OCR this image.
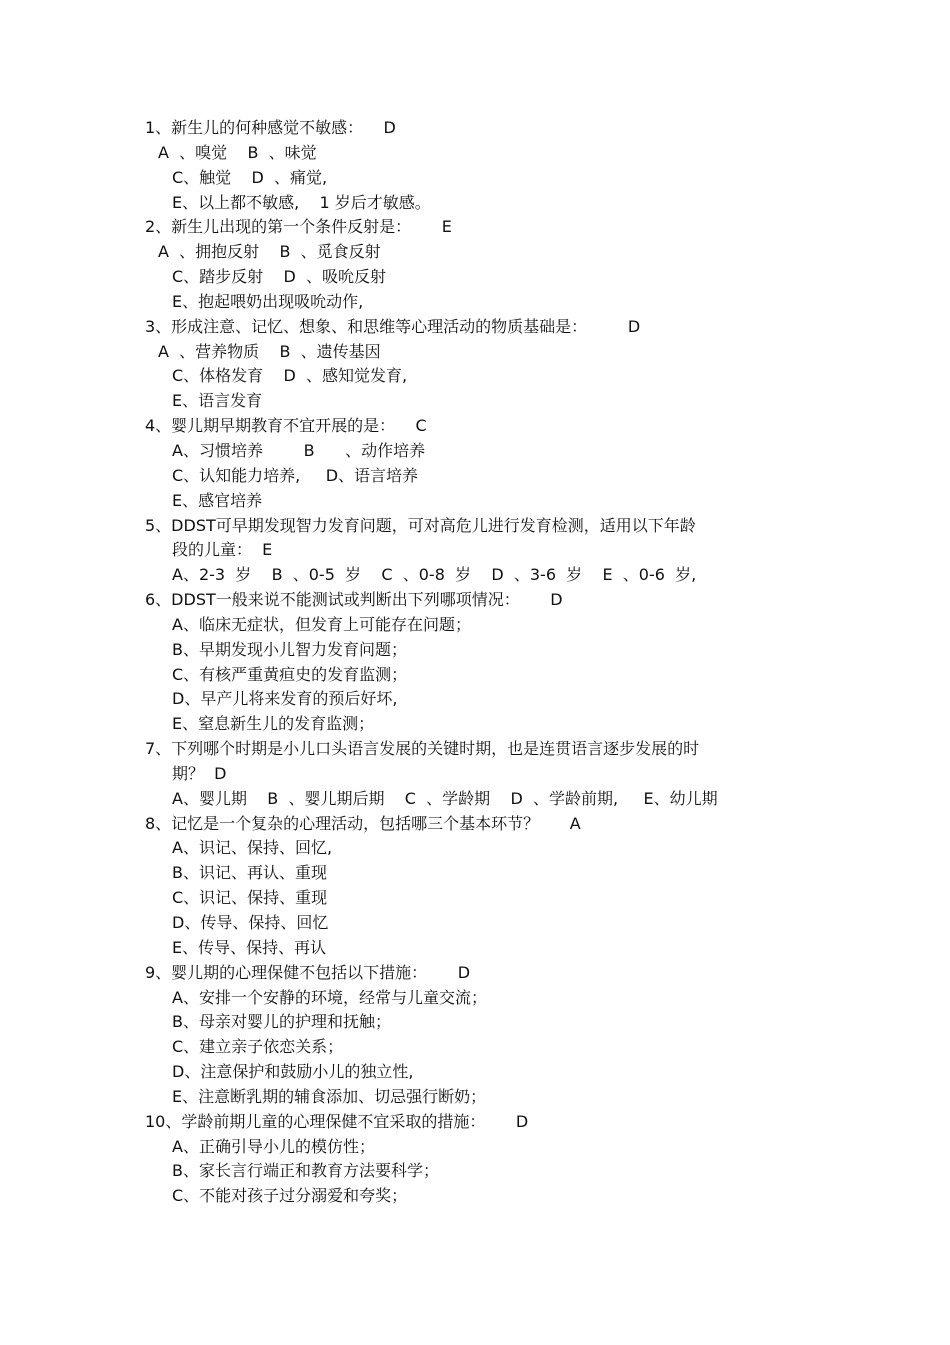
1、新生儿的何种感觉不敏感：    D
A  、嗅觉    B  、味觉
C、触觉    D  、痛觉,
E、以上都不敏感,    1 岁后才敏感。
2、新生儿出现的第一个条件反射是：      E
A  、拥抱反射    B  、觅食反射
C、踏步反射    D  、吸吮反射
E、抱起喂奶出现吸吮动作,
3、形成注意、记忆、想象、和思维等心理活动的物质基础是：        D
A  、营养物质    B  、遗传基因
C、体格发育    D  、感知觉发育,
E、语言发育
4、婴儿期早期教育不宜开展的是：    C
A、习惯培养        B      、动作培养
C、认知能力培养,     D、语言培养
E、感官培养
5、DDST可早期发现智力发育问题，可对高危儿进行发育检测，适用以下年龄
段的儿童：  E
A、2-3  岁    B  、0-5  岁    C  、0-8  岁    D  、3-6  岁    E  、0-6  岁,
6、DDST一般来说不能测试或判断出下列哪项情况：      D
A、临床无症状，但发育上可能存在问题；
B、早期发现小儿智力发育问题；
C、有核严重黄疸史的发育监测；
D、早产儿将来发育的预后好坏,
E、窒息新生儿的发育监测；
7、下列哪个时期是小儿口头语言发展的关键时期，也是连贯语言逐步发展的时
期？  D
A、婴儿期    B  、婴儿期后期    C  、学龄期    D  、学龄前期,     E、幼儿期
8、记忆是一个复杂的心理活动，包括哪三个基本环节？      A
A、识记、保持、回忆,
B、识记、再认、重现
C、识记、保持、重现
D、传导、保持、回忆
E、传导、保持、再认
9、婴儿期的心理保健不包括以下措施：      D
A、安排一个安静的环境，经常与儿童交流；
B、母亲对婴儿的护理和抚触；
C、建立亲子依恋关系；
D、注意保护和鼓励小儿的独立性,
E、注意断乳期的辅食添加、切忌强行断奶；
10、学龄前期儿童的心理保健不宜采取的措施：      D
A、正确引导小儿的模仿性；
B、家长言行端正和教育方法要科学；
C、不能对孩子过分溺爱和夸奖；
